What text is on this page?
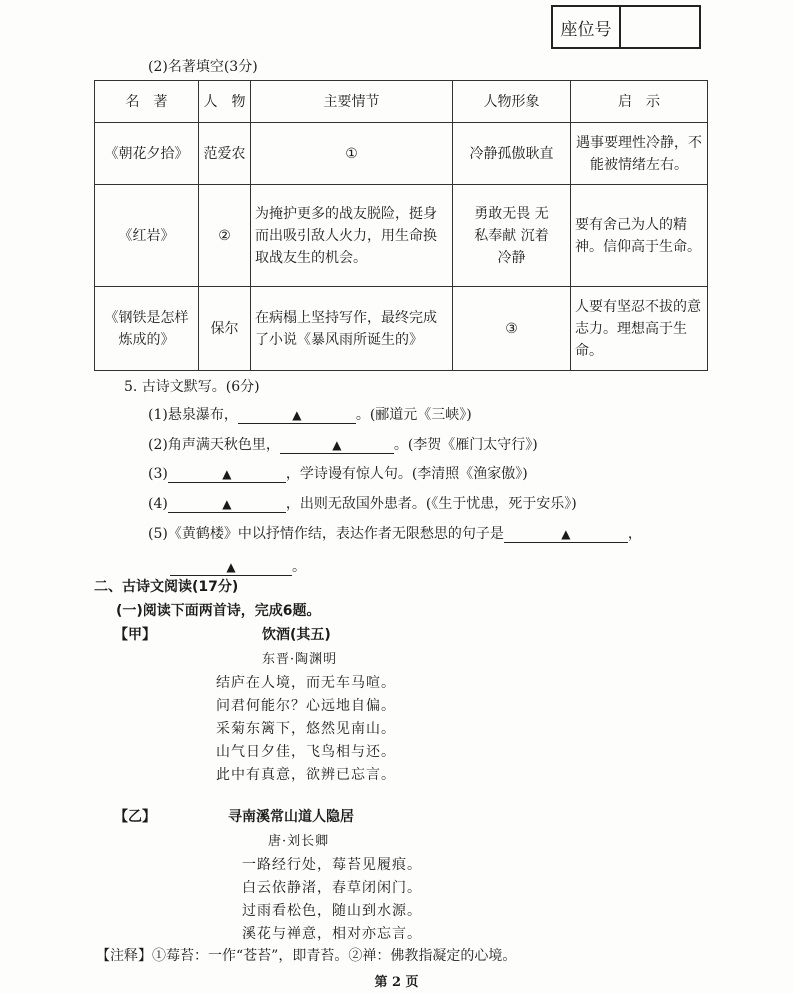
座位号
(2)名著填空(3分)
名　著	人　物	主要情节	人物形象	启　示
《朝花夕拾》	范爱农	①	冷静孤傲耿直	遇事要理性冷静，不能被情绪左右。
《红岩》	②	为掩护更多的战友脱险，挺身而出吸引敌人火力，用生命换取战友生的机会。	勇敢无畏 无私奉献 沉着冷静	要有舍己为人的精神。信仰高于生命。
《钢铁是怎样炼成的》	保尔	在病榻上坚持写作，最终完成了小说《暴风雨所诞生的》	③	人要有坚忍不拔的意志力。理想高于生命。
5. 古诗文默写。(6分)
(1)悬泉瀑布，	▲	。(郦道元《三峡》)
(2)角声满天秋色里，	▲	。(李贺《雁门太守行》)
(3)	▲	，学诗谩有惊人句。(李清照《渔家傲》)
(4)	▲	，出则无敌国外患者。(《生于忧患，死于安乐》)
(5)《黄鹤楼》中以抒情作结，表达作者无限愁思的句子是	▲	，
▲	。
二、古诗文阅读(17分)
(一)阅读下面两首诗，完成6题。
【甲】	饮酒(其五)
东晋·陶渊明
结庐在人境，而无车马喧。
问君何能尔？心远地自偏。
采菊东篱下，悠然见南山。
山气日夕佳，飞鸟相与还。
此中有真意，欲辨已忘言。
【乙】	寻南溪常山道人隐居
唐·刘长卿
一路经行处，莓苔见履痕。
白云依静渚，春草闭闲门。
过雨看松色，随山到水源。
溪花与禅意，相对亦忘言。
【注释】①莓苔：一作“苍苔”，即青苔。②禅：佛教指凝定的心境。
第 2 页
